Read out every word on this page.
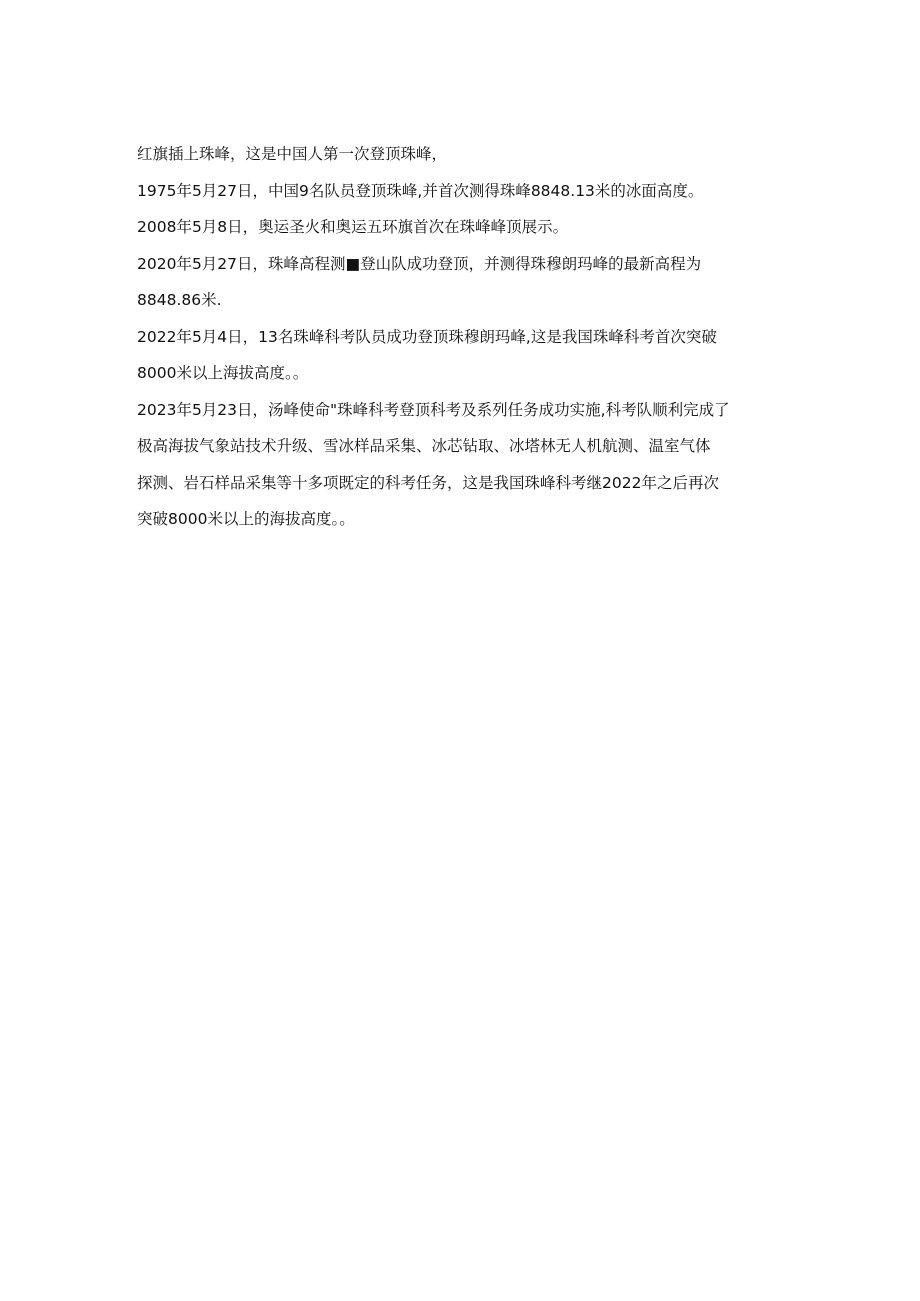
红旗插上珠峰，这是中国人第一次登顶珠峰，
1975年5月27日，中国9名队员登顶珠峰,并首次测得珠峰8848.13米的冰面高度。
2008年5月8日，奥运圣火和奥运五环旗首次在珠峰峰顶展示。
2020年5月27日，珠峰高程测■登山队成功登顶，并测得珠穆朗玛峰的最新高程为
8848.86米.
2022年5月4日，13名珠峰科考队员成功登顶珠穆朗玛峰,这是我国珠峰科考首次突破
8000米以上海拔高度。。
2023年5月23日，汤峰使命"珠峰科考登顶科考及系列任务成功实施,科考队顺利完成了
极高海拔气象站技术升级、雪冰样品采集、冰芯钻取、冰塔林无人机航测、温室气体
探测、岩石样品采集等十多项既定的科考任务，这是我国珠峰科考继2022年之后再次
突破8000米以上的海拔高度。。
